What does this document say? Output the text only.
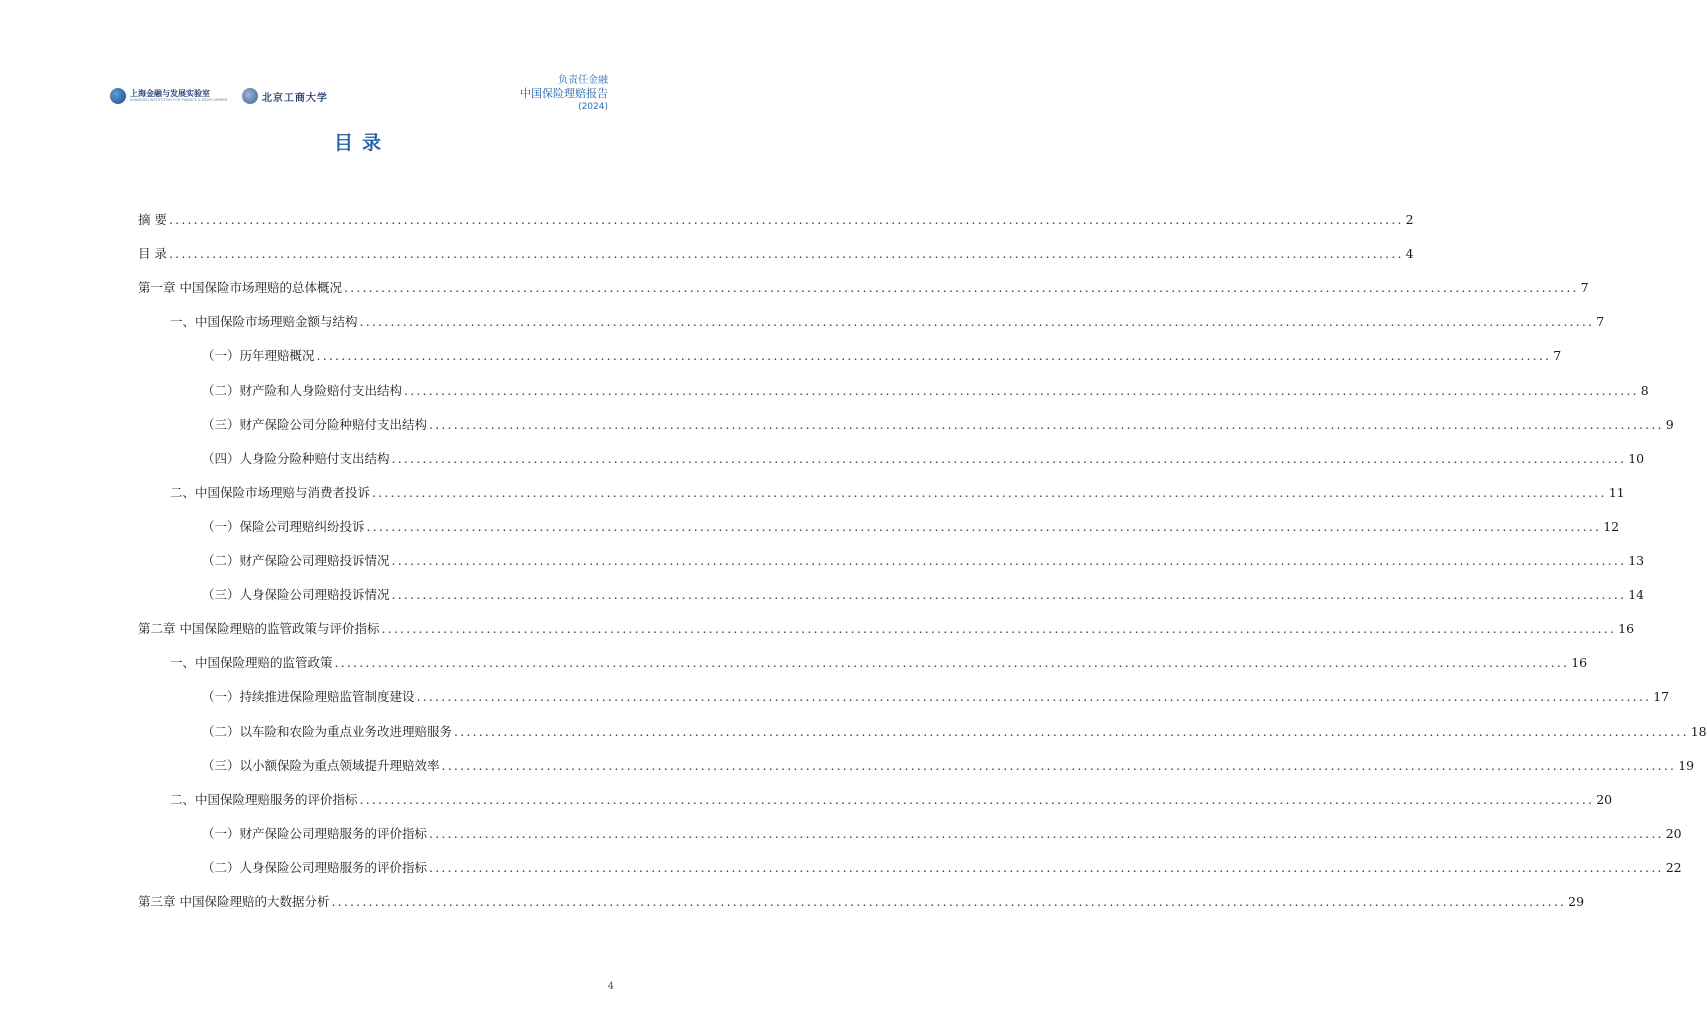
上海金融与发展实验室
SHANGHAI INSTITUTION FOR FINANCE & DEVELOPMENT	北京工商大学
负责任金融
中国保险理赔报告
(2024)
目录
摘 要 ........................................................................................................................................................................................................ 2
目 录 ........................................................................................................................................................................................................ 4
第一章 中国保险市场理赔的总体概况 ........................................................................................................................................................................................................ 7
一、中国保险市场理赔金额与结构 ........................................................................................................................................................................................................ 7
（一）历年理赔概况 ........................................................................................................................................................................................................ 7
（二）财产险和人身险赔付支出结构 ........................................................................................................................................................................................................ 8
（三）财产保险公司分险种赔付支出结构 ........................................................................................................................................................................................................ 9
（四）人身险分险种赔付支出结构 ........................................................................................................................................................................................................ 10
二、中国保险市场理赔与消费者投诉 ........................................................................................................................................................................................................ 11
（一）保险公司理赔纠纷投诉 ........................................................................................................................................................................................................ 12
（二）财产保险公司理赔投诉情况 ........................................................................................................................................................................................................ 13
（三）人身保险公司理赔投诉情况 ........................................................................................................................................................................................................ 14
第二章 中国保险理赔的监管政策与评价指标 ........................................................................................................................................................................................................ 16
一、中国保险理赔的监管政策 ........................................................................................................................................................................................................ 16
（一）持续推进保险理赔监管制度建设 ........................................................................................................................................................................................................ 17
（二）以车险和农险为重点业务改进理赔服务 ........................................................................................................................................................................................................ 18
（三）以小额保险为重点领域提升理赔效率 ........................................................................................................................................................................................................ 19
二、中国保险理赔服务的评价指标 ........................................................................................................................................................................................................ 20
（一）财产保险公司理赔服务的评价指标 ........................................................................................................................................................................................................ 20
（二）人身保险公司理赔服务的评价指标 ........................................................................................................................................................................................................ 22
第三章 中国保险理赔的大数据分析 ........................................................................................................................................................................................................ 29
4
